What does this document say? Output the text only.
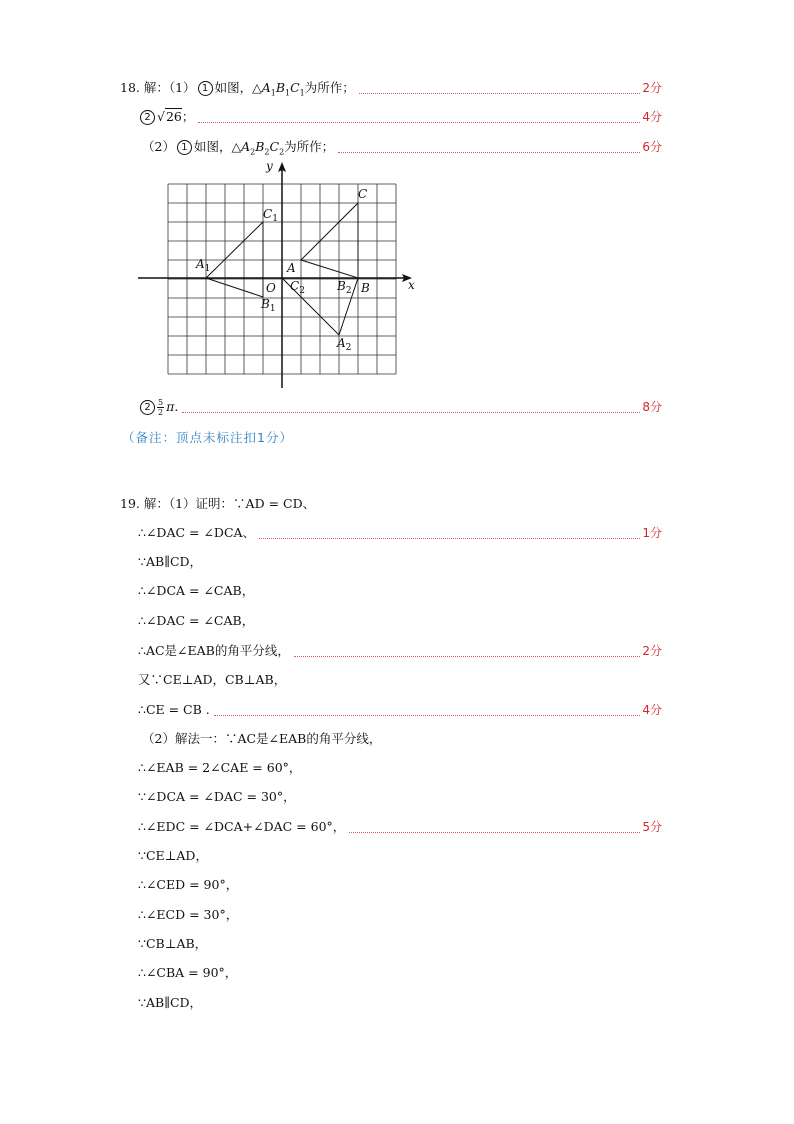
18. 解：（1） 1 如图，$\triangle A_1B_1C_1$为所作；	2分
2 √26；	4分
（2） 1 如图，$\triangle A_2B_2C_2$为所作；	6分
x
y
O
A
B
C
$A_1$
$B_1$
$C_1$
$A_2$
$B_2$
$C_2$
$2 \frac{5}{2} \pi$.	8分
（备注：顶点未标注扣1分）
19. 解：（1）证明：∵AD = CD、
∴∠DAC = ∠DCA、	1分
∵AB∥CD，
∴∠DCA = ∠CAB，
∴∠DAC = ∠CAB，
∴AC是∠EAB的角平分线，	2分
又∵CE⊥AD，CB⊥AB，
∴CE = CB .	4分
（2）解法一：∵AC是∠EAB的角平分线，
∴∠EAB = 2∠CAE = 60°，
∵∠DCA = ∠DAC = 30°，
∴∠EDC = ∠DCA+∠DAC = 60°，	5分
∵CE⊥AD，
∴∠CED = 90°，
∴∠ECD = 30°，
∵CB⊥AB，
∴∠CBA = 90°，
∵AB∥CD，
